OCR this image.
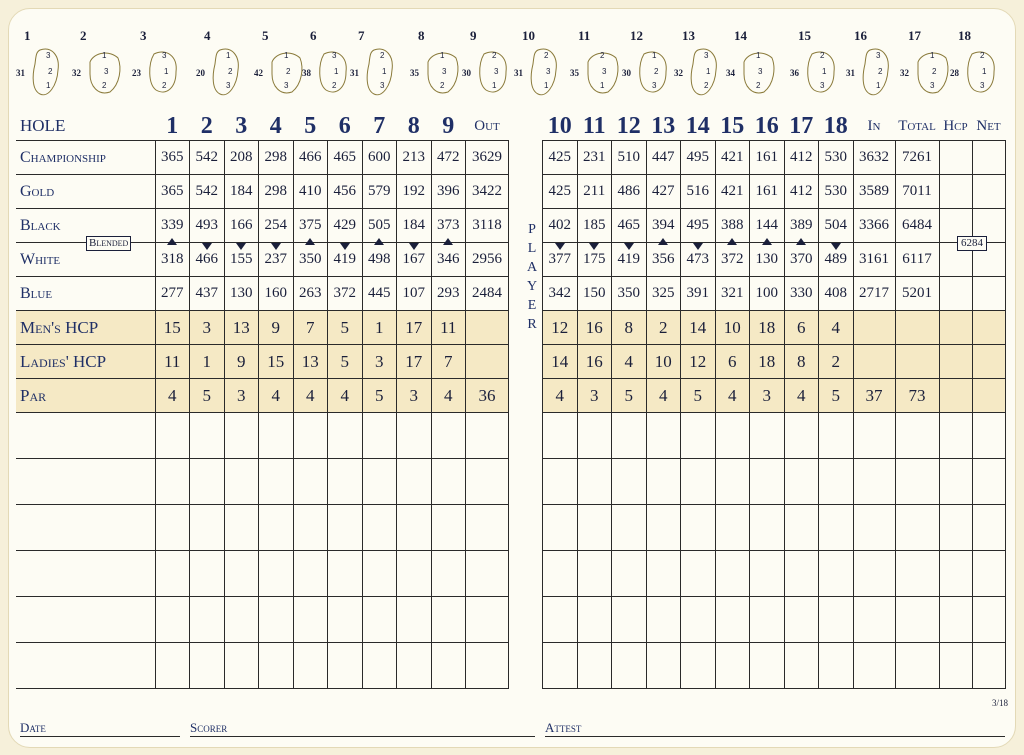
1
31
3
2
1
2
32
1
3
2
3
23
3
1
2
4
20
1
2
3
5
42
1
2
3
6
38
3
1
2
7
31
2
1
3
8
35
1
3
2
9
30
2
3
1
10
31
2
3
1
11
35
2
3
1
12
30
1
2
3
13
32
3
1
2
14
34
1
3
2
15
36
2
1
3
16
31
3
2
1
17
32
1
2
3
18
28
2
1
3
HOLE	1	2	3	4	5	6	7	8	9	Out		10	11	12	13	14	15	16	17	18	In	Total	Hcp	Net
Championship	365	542	208	298	466	465	600	213	472	3629		425	231	510	447	495	421	161	412	530	3632	7261		
Gold	365	542	184	298	410	456	579	192	396	3422		425	211	486	427	516	421	161	412	530	3589	7011		
Black	339	493	166	254	375	429	505	184	373	3118		402	185	465	394	495	388	144	389	504	3366	6484		
White	318	466	155	237	350	419	498	167	346	2956		377	175	419	356	473	372	130	370	489	3161	6117		
Blue	277	437	130	160	263	372	445	107	293	2484		342	150	350	325	391	321	100	330	408	2717	5201		
Men's HCP	15	3	13	9	7	5	1	17	11			12	16	8	2	14	10	18	6	4				
Ladies' HCP	11	1	9	15	13	5	3	17	7			14	16	4	10	12	6	18	8	2				
Par	4	5	3	4	4	4	5	3	4	36		4	3	5	4	5	4	3	4	5	37	73		

Blended	6284
P
L
A
Y
E
R
3/18
Date	Scorer	Attest
